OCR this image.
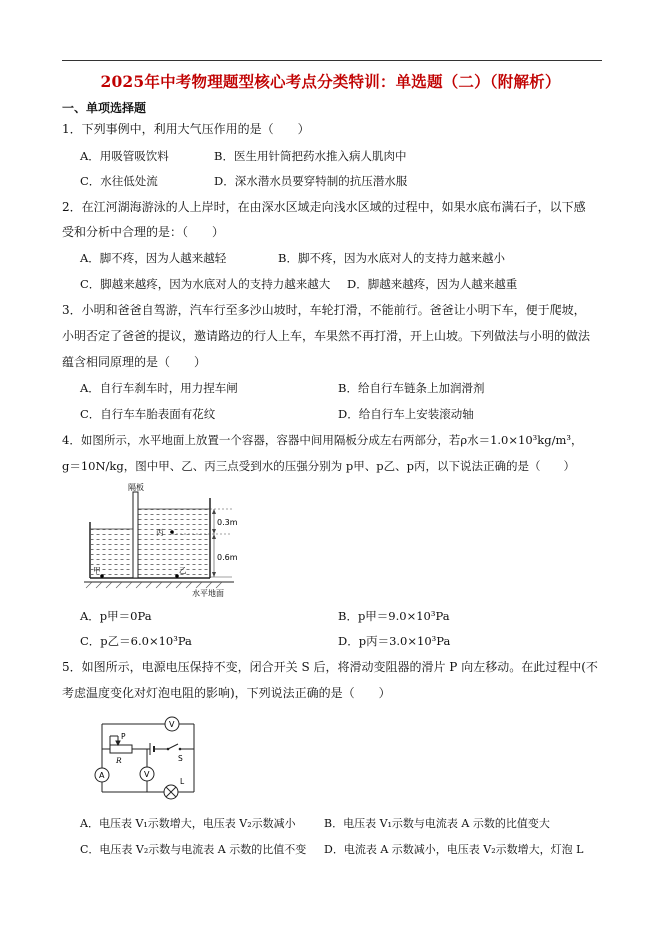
2025年中考物理题型核心考点分类特训：单选题（二）（附解析）
一、单项选择题
1．下列事例中，利用大气压作用的是（　　）
A．用吸管吸饮料	B．医生用针筒把药水推入病人肌肉中
C．水往低处流	D．深水潜水员要穿特制的抗压潜水服
2．在江河湖海游泳的人上岸时，在由深水区域走向浅水区域的过程中，如果水底布满石子，以下感
受和分析中合理的是：（　　）
A．脚不疼，因为人越来越轻	B．脚不疼，因为水底对人的支持力越来越小
C．脚越来越疼，因为水底对人的支持力越来越大 D．脚越来越疼，因为人越来越重
3．小明和爸爸自驾游，汽车行至多沙山坡时，车轮打滑，不能前行。爸爸让小明下车，便于爬坡，
小明否定了爸爸的提议，邀请路边的行人上车，车果然不再打滑，开上山坡。下列做法与小明的做法
蕴含相同原理的是（　　）
A．自行车刹车时，用力捏车闸	B．给自行车链条上加润滑剂
C．自行车车胎表面有花纹	D．给自行车上安装滚动轴
4．如图所示，水平地面上放置一个容器，容器中间用隔板分成左右两部分，若ρ水＝1.0×10³kg/m³，
g＝10N/kg，图中甲、乙、丙三点受到水的压强分别为 p甲、p乙、p丙，以下说法正确的是（　　）
隔板
甲	乙
丙
0.3m
0.6m
水平地面
A．p甲＝0Pa	B．p甲＝9.0×10³Pa
C．p乙＝6.0×10³Pa	D．p丙＝3.0×10³Pa
5．如图所示，电源电压保持不变，闭合开关 S 后，将滑动变阻器的滑片 P 向左移动。在此过程中(不
考虑温度变化对灯泡电阻的影响)，下列说法正确的是（　　）
V
A	V
P
R	S
L
A．电压表 V₁示数增大，电压表 V₂示数减小	B．电压表 V₁示数与电流表 A 示数的比值变大
C．电压表 V₂示数与电流表 A 示数的比值不变 D．电流表 A 示数减小，电压表 V₂示数增大，灯泡 L
